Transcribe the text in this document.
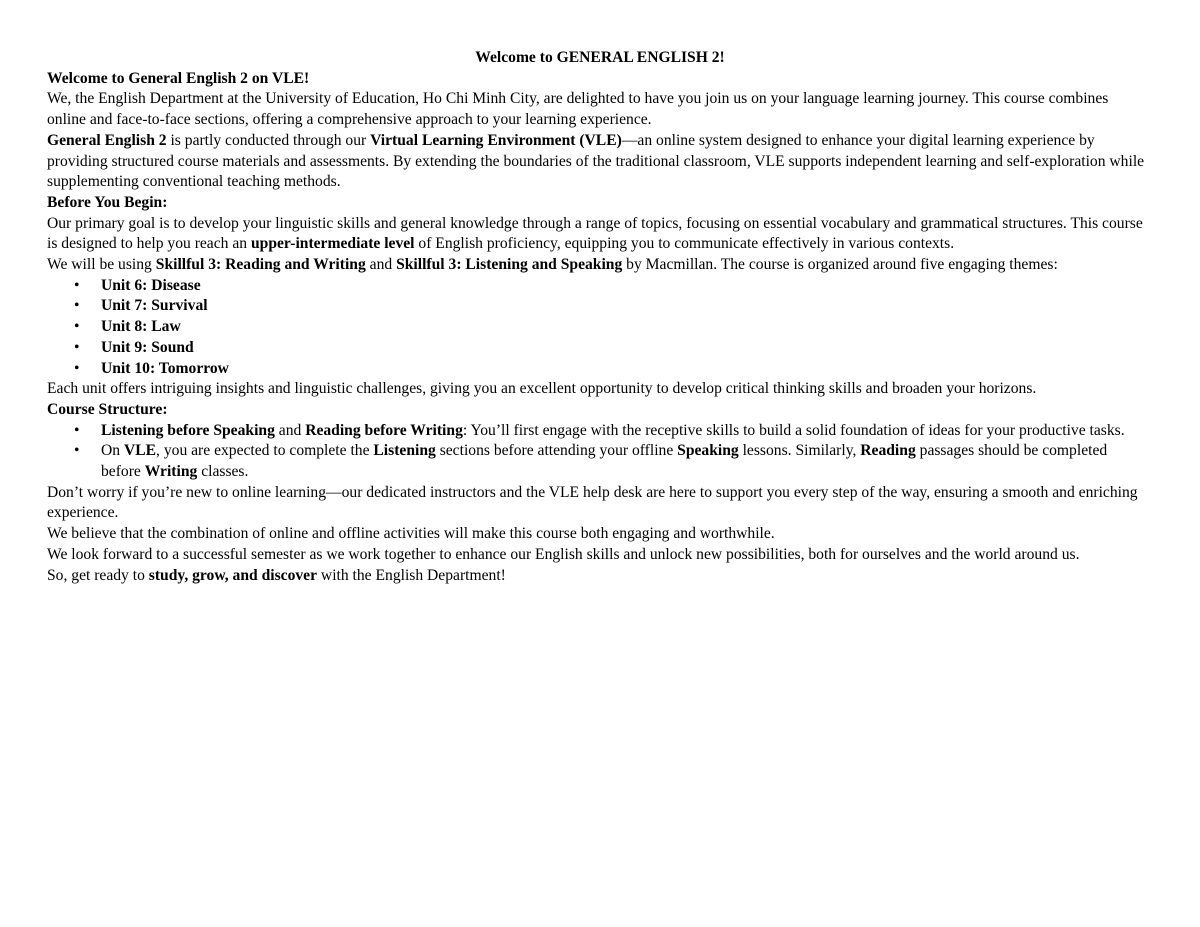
Welcome to GENERAL ENGLISH 2!

Welcome to General English 2 on VLE!

We, the English Department at the University of Education, Ho Chi Minh City, are delighted to have you join us on your language learning journey. This course combines online and face-to-face sections, offering a comprehensive approach to your learning experience.

General English 2 is partly conducted through our Virtual Learning Environment (VLE)—an online system designed to enhance your digital learning experience by providing structured course materials and assessments. By extending the boundaries of the traditional classroom, VLE supports independent learning and self-exploration while supplementing conventional teaching methods.

Before You Begin:

Our primary goal is to develop your linguistic skills and general knowledge through a range of topics, focusing on essential vocabulary and grammatical structures. This course is designed to help you reach an upper-intermediate level of English proficiency, equipping you to communicate effectively in various contexts.

We will be using Skillful 3: Reading and Writing and Skillful 3: Listening and Speaking by Macmillan. The course is organized around five engaging themes:

• Unit 6: Disease
• Unit 7: Survival
• Unit 8: Law
• Unit 9: Sound
• Unit 10: Tomorrow

Each unit offers intriguing insights and linguistic challenges, giving you an excellent opportunity to develop critical thinking skills and broaden your horizons.

Course Structure:

• Listening before Speaking and Reading before Writing: You’ll first engage with the receptive skills to build a solid foundation of ideas for your productive tasks.
• On VLE, you are expected to complete the Listening sections before attending your offline Speaking lessons. Similarly, Reading passages should be completed before Writing classes.

Don’t worry if you’re new to online learning—our dedicated instructors and the VLE help desk are here to support you every step of the way, ensuring a smooth and enriching experience.

We believe that the combination of online and offline activities will make this course both engaging and worthwhile.

We look forward to a successful semester as we work together to enhance our English skills and unlock new possibilities, both for ourselves and the world around us.

So, get ready to study, grow, and discover with the English Department!
